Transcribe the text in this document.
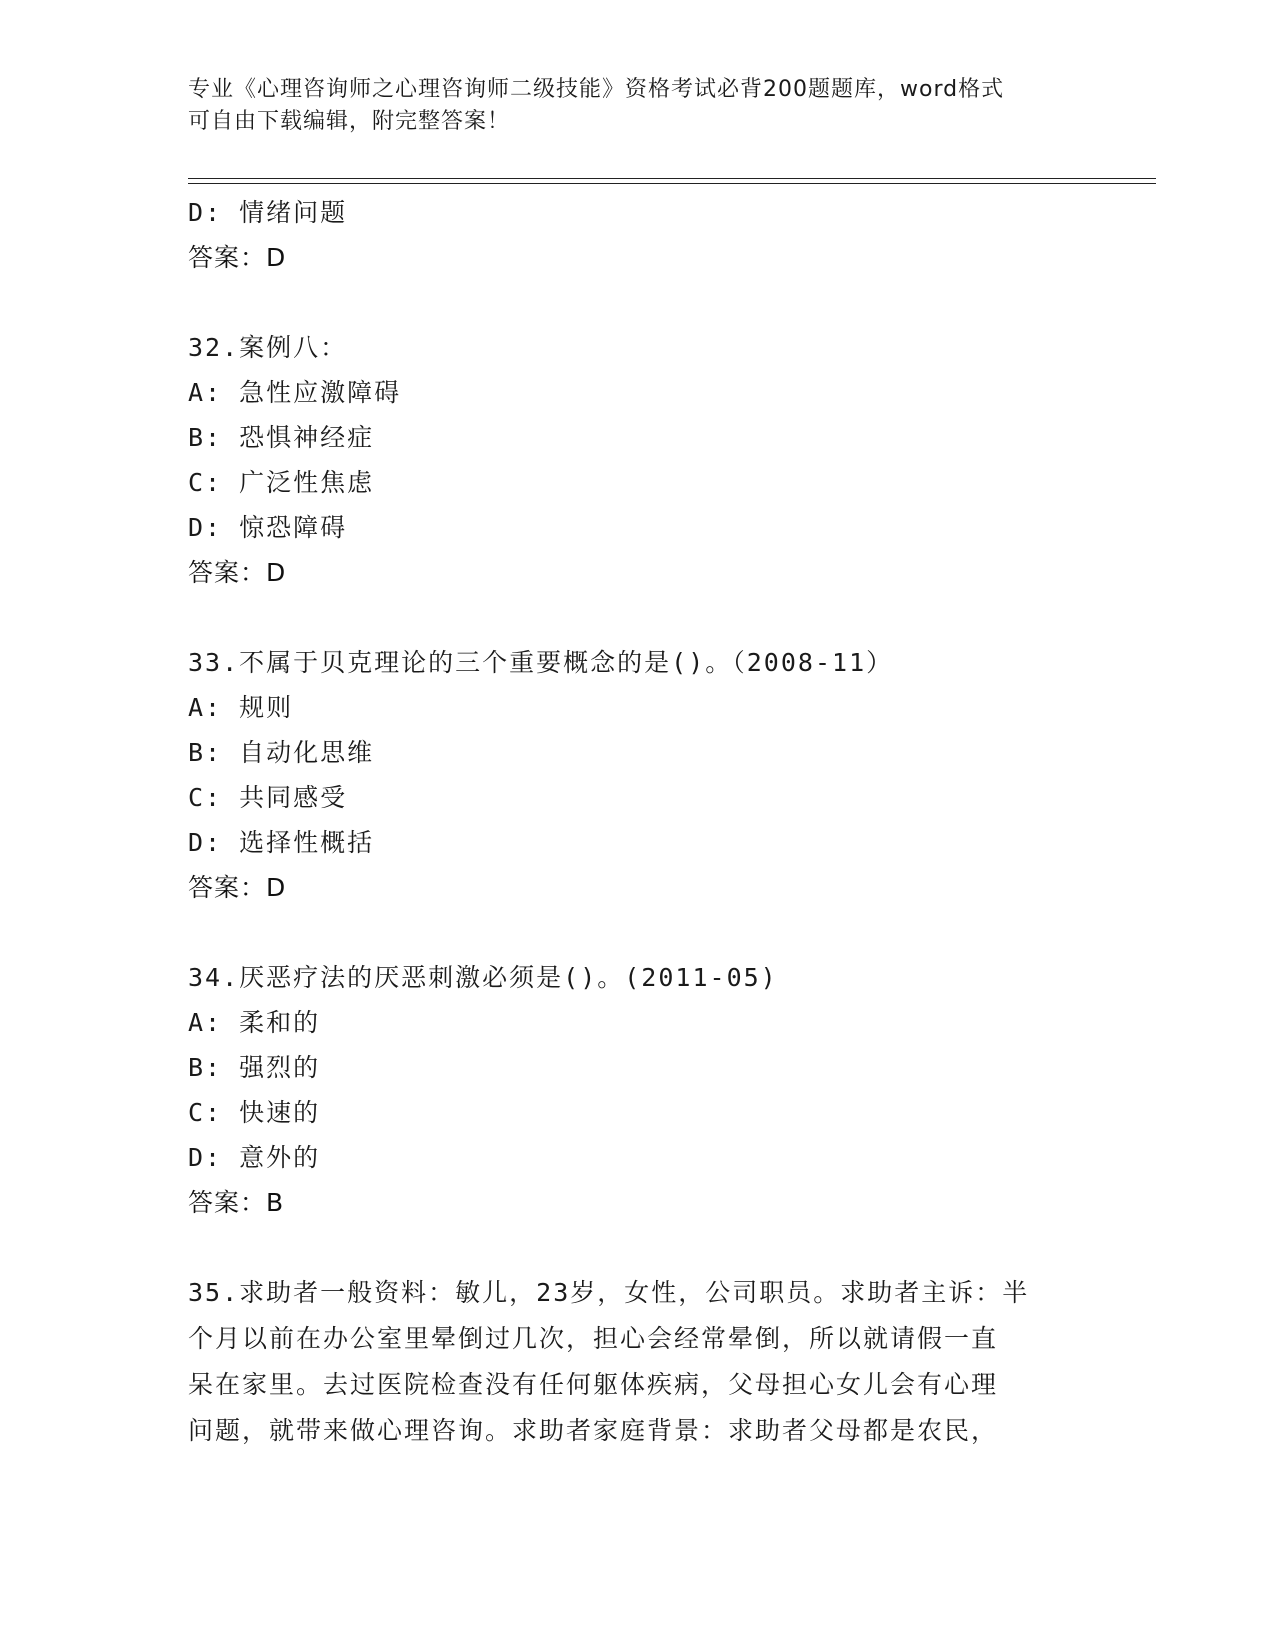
专业《心理咨询师之心理咨询师二级技能》资格考试必背200题题库，word格式
可自由下载编辑，附完整答案！
D: 情绪问题
答案：D
32.案例八：
A: 急性应激障碍
B: 恐惧神经症
C: 广泛性焦虑
D: 惊恐障碍
答案：D
33.不属于贝克理论的三个重要概念的是()。（2008-11）
A: 规则
B: 自动化思维
C: 共同感受
D: 选择性概括
答案：D
34.厌恶疗法的厌恶刺激必须是()。(2011-05)
A: 柔和的
B: 强烈的
C: 快速的
D: 意外的
答案：B
35.求助者一般资料：敏儿，23岁，女性，公司职员。求助者主诉：半
个月以前在办公室里晕倒过几次，担心会经常晕倒，所以就请假一直
呆在家里。去过医院检查没有任何躯体疾病，父母担心女儿会有心理
问题，就带来做心理咨询。求助者家庭背景：求助者父母都是农民，
